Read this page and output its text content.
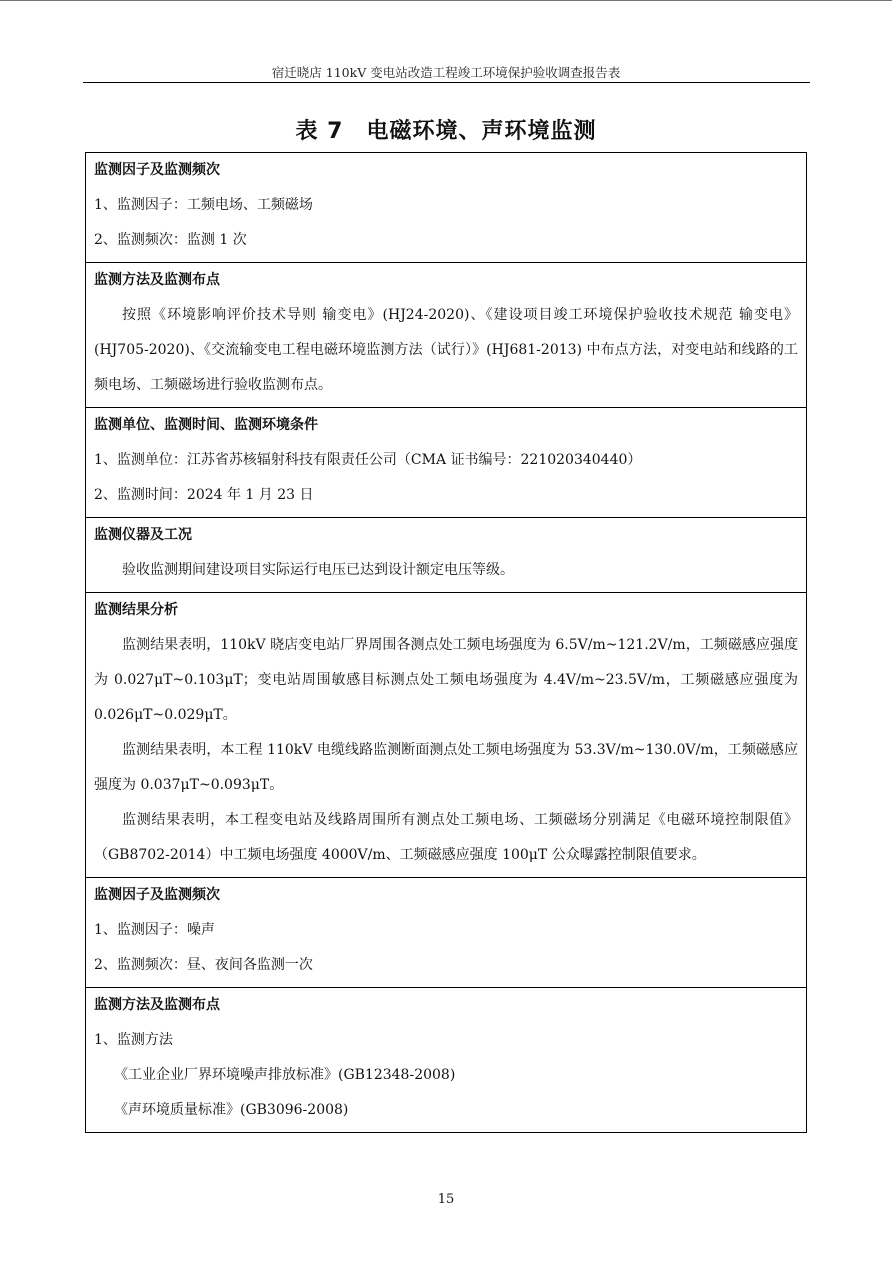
宿迁晓店 110kV 变电站改造工程竣工环境保护验收调查报告表
表 7　电磁环境、声环境监测
监测因子及监测频次
1、监测因子：工频电场、工频磁场
2、监测频次：监测 1 次
监测方法及监测布点

按照《环境影响评价技术导则 输变电》(HJ24-2020)、《建设项目竣工环境保护验收技术规范 输变电》(HJ705-2020)、《交流输变电工程电磁环境监测方法（试行）》(HJ681-2013) 中布点方法，对变电站和线路的工频电场、工频磁场进行验收监测布点。

监测单位、监测时间、监测环境条件
1、监测单位：江苏省苏核辐射科技有限责任公司（CMA 证书编号：221020340440）
2、监测时间：2024 年 1 月 23 日
监测仪器及工况

验收监测期间建设项目实际运行电压已达到设计额定电压等级。

监测结果分析

监测结果表明，110kV 晓店变电站厂界周围各测点处工频电场强度为 6.5V/m~121.2V/m，工频磁感应强度为 0.027μT~0.103μT；变电站周围敏感目标测点处工频电场强度为 4.4V/m~23.5V/m，工频磁感应强度为 0.026μT~0.029μT。

监测结果表明，本工程 110kV 电缆线路监测断面测点处工频电场强度为 53.3V/m~130.0V/m，工频磁感应强度为 0.037μT~0.093μT。

监测结果表明，本工程变电站及线路周围所有测点处工频电场、工频磁场分别满足《电磁环境控制限值》（GB8702-2014）中工频电场强度 4000V/m、工频磁感应强度 100μT 公众曝露控制限值要求。

监测因子及监测频次
1、监测因子：噪声
2、监测频次：昼、夜间各监测一次
监测方法及监测布点
1、监测方法
《工业企业厂界环境噪声排放标准》(GB12348-2008)
《声环境质量标准》(GB3096-2008)
15
